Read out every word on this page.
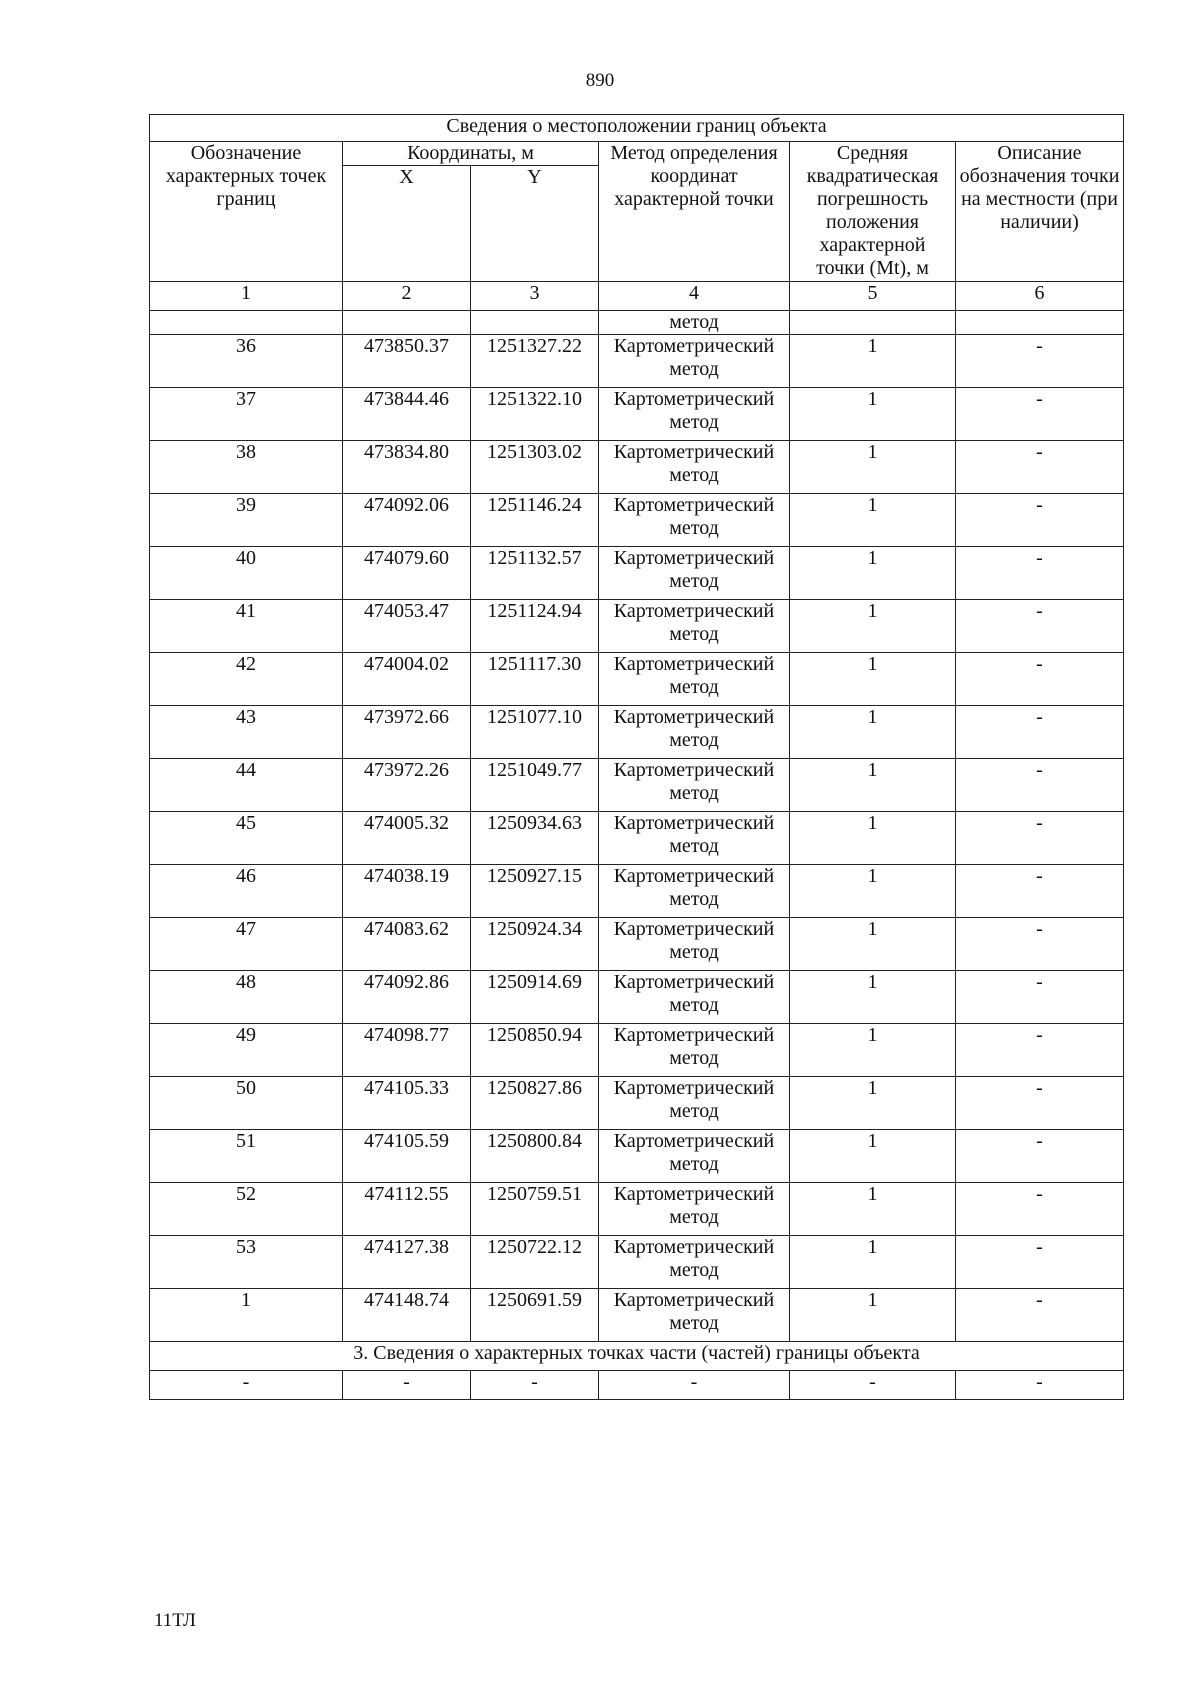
890
Сведения о местоположении границ объекта					
Обозначение характерных точек границ	Координаты, м		Метод определения координат характерной точки	Средняя квадратическая погрешность положения характерной точки (Mt), м	Описание обозначения точки на местности (при наличии)
	X	Y			
1	2	3	4	5	6
			метод		
36	473850.37	1251327.22	Картометрический метод	1	-
37	473844.46	1251322.10	Картометрический метод	1	-
38	473834.80	1251303.02	Картометрический метод	1	-
39	474092.06	1251146.24	Картометрический метод	1	-
40	474079.60	1251132.57	Картометрический метод	1	-
41	474053.47	1251124.94	Картометрический метод	1	-
42	474004.02	1251117.30	Картометрический метод	1	-
43	473972.66	1251077.10	Картометрический метод	1	-
44	473972.26	1251049.77	Картометрический метод	1	-
45	474005.32	1250934.63	Картометрический метод	1	-
46	474038.19	1250927.15	Картометрический метод	1	-
47	474083.62	1250924.34	Картометрический метод	1	-
48	474092.86	1250914.69	Картометрический метод	1	-
49	474098.77	1250850.94	Картометрический метод	1	-
50	474105.33	1250827.86	Картометрический метод	1	-
51	474105.59	1250800.84	Картометрический метод	1	-
52	474112.55	1250759.51	Картометрический метод	1	-
53	474127.38	1250722.12	Картометрический метод	1	-
1	474148.74	1250691.59	Картометрический метод	1	-
3. Сведения о характерных точках части (частей) границы объекта					
-	-	-	-	-	-
11ТЛ
